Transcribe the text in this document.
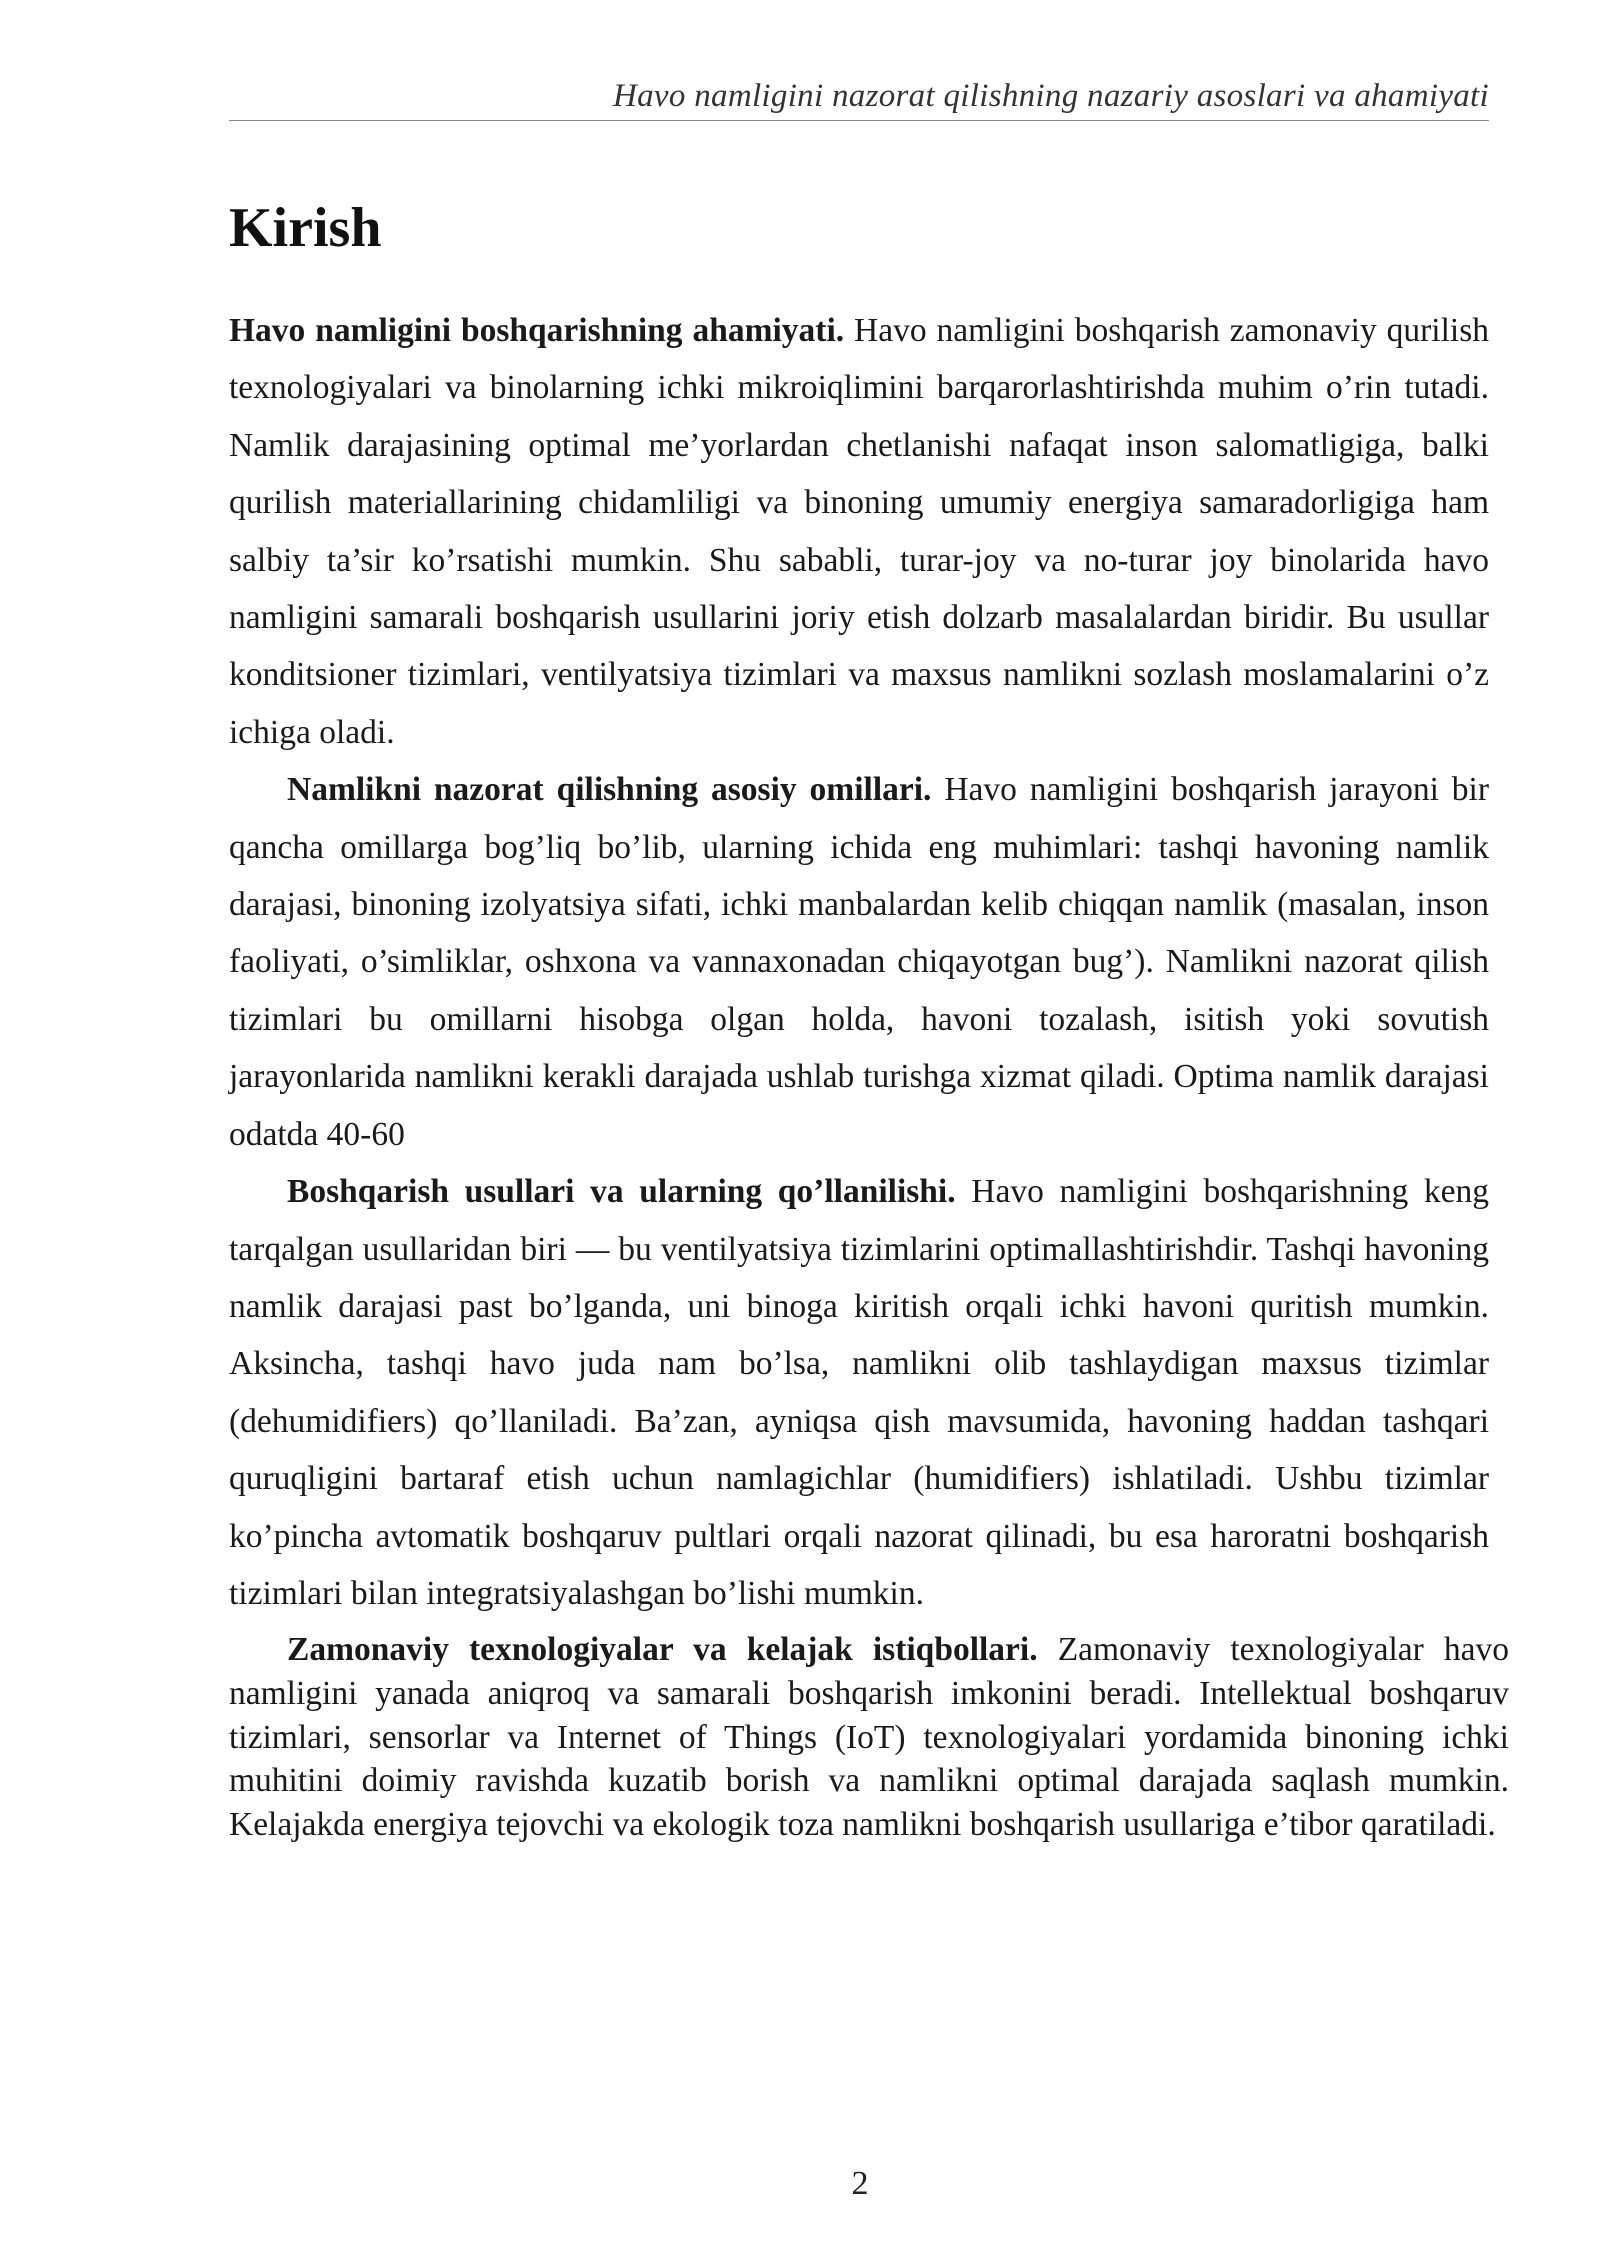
Havo namligini nazorat qilishning nazariy asoslari va ahamiyati
Kirish

Havo namligini boshqarishning ahamiyati. Havo namligini boshqarish zamonaviy qurilish texnologiyalari va binolarning ichki mikroiqlimini barqarorlashtirishda muhim o’rin tutadi. Namlik darajasining optimal me’yorlardan chetlanishi nafaqat inson salomatligiga, balki qurilish materiallarining chidamliligi va binoning umumiy energiya samaradorligiga ham salbiy ta’sir ko’rsatishi mumkin. Shu sababli, turar-joy va no-turar joy binolarida havo namligini samarali boshqarish usullarini joriy etish dolzarb masalalardan biridir. Bu usullar konditsioner tizimlari, ventilyatsiya tizimlari va maxsus namlikni sozlash moslamalarini o’z ichiga oladi.

Namlikni nazorat qilishning asosiy omillari. Havo namligini boshqarish jarayoni bir qancha omillarga bog’liq bo’lib, ularning ichida eng muhimlari: tashqi havoning namlik darajasi, binoning izolyatsiya sifati, ichki manbalardan kelib chiqqan namlik (masalan, inson faoliyati, o’simliklar, oshxona va vannaxonadan chiqayotgan bug’). Namlikni nazorat qilish tizimlari bu omillarni hisobga olgan holda, havoni tozalash, isitish yoki sovutish jarayonlarida namlikni kerakli darajada ushlab turishga xizmat qiladi. Optima namlik darajasi odatda 40-60

Boshqarish usullari va ularning qo’llanilishi. Havo namligini boshqarishning keng tarqalgan usullaridan biri — bu ventilyatsiya tizimlarini optimallashtirishdir. Tashqi havoning namlik darajasi past bo’lganda, uni binoga kiritish orqali ichki havoni quritish mumkin. Aksincha, tashqi havo juda nam bo’lsa, namlikni olib tashlaydigan maxsus tizimlar (dehumidifiers) qo’llaniladi. Ba’zan, ayniqsa qish mavsumida, havoning haddan tashqari quruqligini bartaraf etish uchun namlagichlar (humidifiers) ishlatiladi. Ushbu tizimlar ko’pincha avtomatik boshqaruv pultlari orqali nazorat qilinadi, bu esa haroratni boshqarish tizimlari bilan integratsiyalashgan bo’lishi mumkin.

Zamonaviy texnologiyalar va kelajak istiqbollari. Zamonaviy texnologiyalar havo namligini yanada aniqroq va samarali boshqarish imkonini beradi. Intellektual boshqaruv tizimlari, sensorlar va Internet of Things (IoT) texnologiyalari yordamida binoning ichki muhitini doimiy ravishda kuzatib borish va namlikni optimal darajada saqlash mumkin. Kelajakda energiya tejovchi va ekologik toza namlikni boshqarish usullariga e’tibor qaratiladi.

2
